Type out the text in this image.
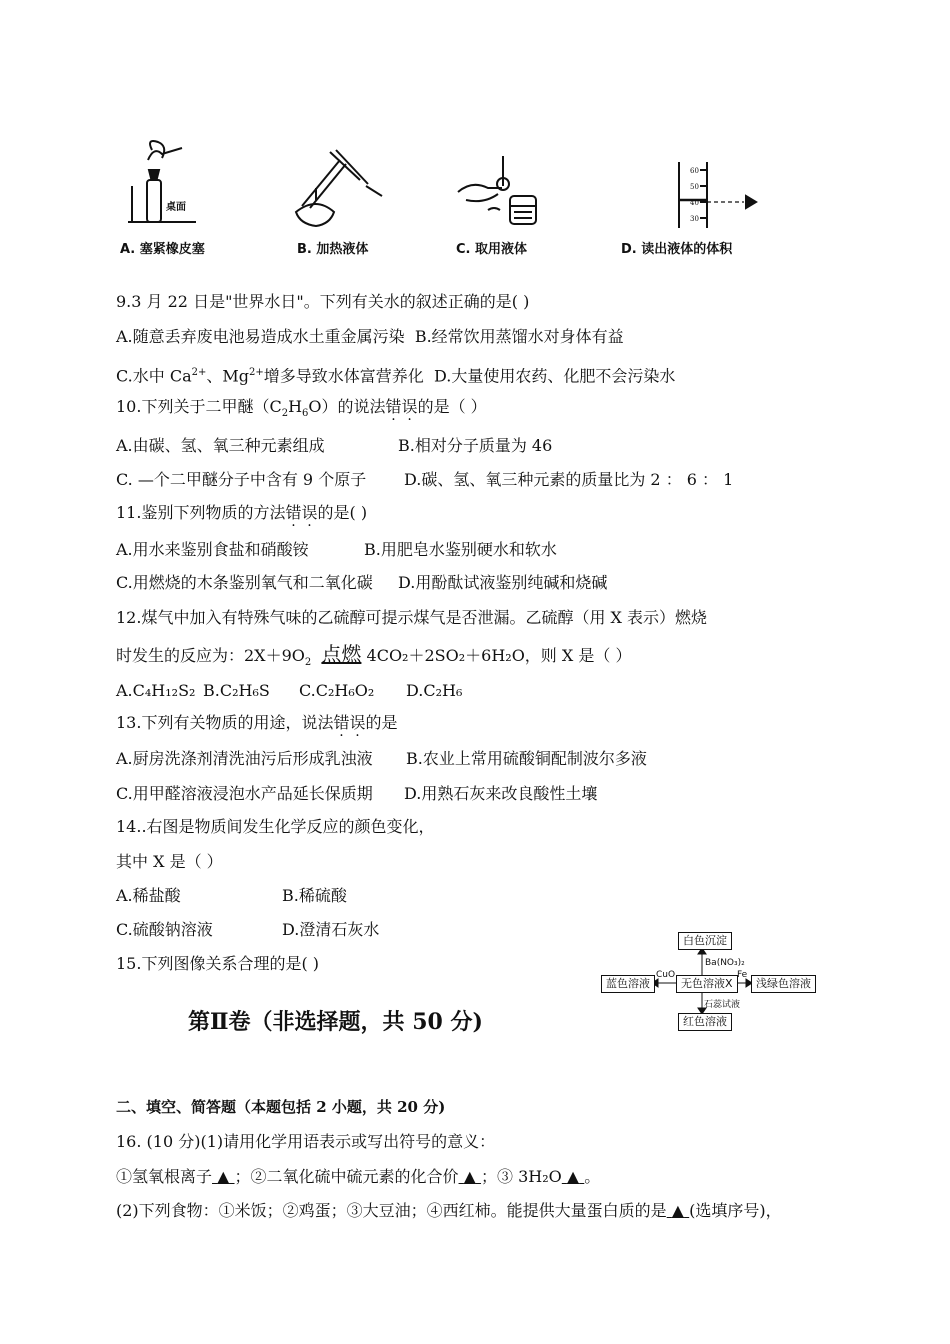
桌面
60
50
40
30
A. 塞紧橡皮塞	B. 加热液体	C. 取用液体	D. 读出液体的体积
9.3 月 22 日是"世界水日"。下列有关水的叙述正确的是( )
A.随意丢弃废电池易造成水土重金属污染 B.经常饮用蒸馏水对身体有益
C.水中 $Ca^{2+}$、$Mg^{2+}$增多导致水体富营养化 D.大量使用农药、化肥不会污染水
10.下列关于二甲醚$(C_2H_6O)$的说法错误的是（ ）
A.由碳、氢、氧三种元素组成	B.相对分子质量为 46
C. —个二甲醚分子中含有 9 个原子 D.碳、氢、氧三种元素的质量比为 2 ： 6 ： 1
11.鉴别下列物质的方法错误的是( )
A.用水来鉴别食盐和硝酸铵	B.用肥皂水鉴别硬水和软水
C.用燃烧的木条鉴别氧气和二氧化碳 D.用酚酞试液鉴别纯碱和烧碱
12.煤气中加入有特殊气味的乙硫醇可提示煤气是否泄漏。乙硫醇（用 X 表示）燃烧
时发生的反应为：$2X+9O_2$ 点燃 4CO₂＋2SO₂＋6H₂O，则 X 是（ ）
A.C₄H₁₂S₂ B.C₂H₆S C.C₂H₆O₂ D.C₂H₆
13.下列有关物质的用途，说法错误的是
A.厨房洗涤剂清洗油污后形成乳浊液 B.农业上常用硫酸铜配制波尔多液
C.用甲醛溶液浸泡水产品延长保质期 D.用熟石灰来改良酸性土壤
14..右图是物质间发生化学反应的颜色变化，
其中 X 是（ ）
A.稀盐酸	B.稀硫酸
C.硫酸钠溶液	D.澄清石灰水
白色沉淀
无色溶液X
蓝色溶液	浅绿色溶液
红色溶液
Ba(NO₃)₂
CuO	Fe
石蕊试液
15.下列图像关系合理的是( )
第Ⅱ卷（非选择题，共 50 分)
二、填空、简答题（本题包括 2 小题，共 20 分)
16. (10 分)(1)请用化学用语表示或写出符号的意义：
①氢氧根离子 ▲ ；②二氧化硫中硫元素的化合价 ▲ ；③ 3H₂O ▲ 。
(2)下列食物：①米饭；②鸡蛋；③大豆油；④西红柿。能提供大量蛋白质的是 ▲ (选填序号)，
